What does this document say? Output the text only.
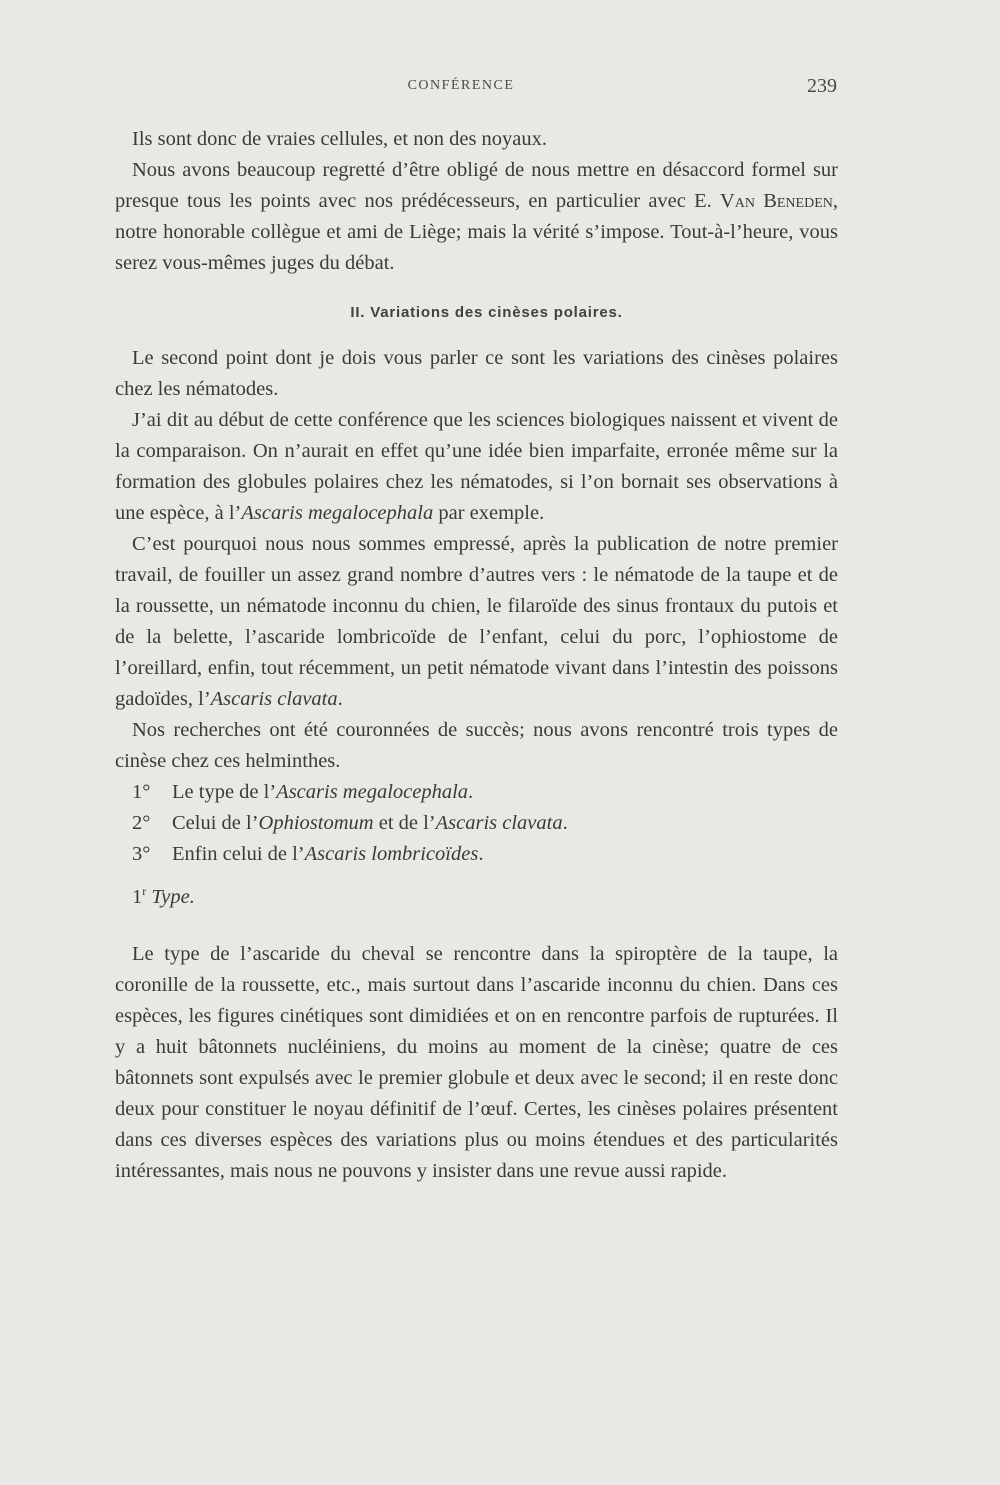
CONFÉRENCE	239

Ils sont donc de vraies cellules, et non des noyaux.

Nous avons beaucoup regretté d’être obligé de nous mettre en désaccord formel sur presque tous les points avec nos prédécesseurs, en particulier avec E. Van Beneden, notre honorable collègue et ami de Liège; mais la vérité s’impose. Tout-à-l’heure, vous serez vous-mêmes juges du débat.

II. Variations des cinèses polaires.

Le second point dont je dois vous parler ce sont les variations des cinèses polaires chez les nématodes.

J’ai dit au début de cette conférence que les sciences biologiques naissent et vivent de la comparaison. On n’aurait en effet qu’une idée bien imparfaite, erronée même sur la formation des globules polaires chez les nématodes, si l’on bornait ses observations à une espèce, à l’Ascaris megalocephala par exemple.

C’est pourquoi nous nous sommes empressé, après la publication de notre premier travail, de fouiller un assez grand nombre d’autres vers : le nématode de la taupe et de la roussette, un nématode inconnu du chien, le filaroïde des sinus frontaux du putois et de la belette, l’ascaride lombricoïde de l’enfant, celui du porc, l’ophiostome de l’oreillard, enfin, tout récemment, un petit nématode vivant dans l’intestin des poissons gadoïdes, l’Ascaris clavata.

Nos recherches ont été couronnées de succès; nous avons rencontré trois types de cinèse chez ces helminthes.

1° Le type de l’Ascaris megalocephala.
2° Celui de l’Ophiostomum et de l’Ascaris clavata.
3° Enfin celui de l’Ascaris lombricoïdes.
1$^r$ Type.

Le type de l’ascaride du cheval se rencontre dans la spiroptère de la taupe, la coronille de la roussette, etc., mais surtout dans l’ascaride inconnu du chien. Dans ces espèces, les figures cinétiques sont dimidiées et on en rencontre parfois de rupturées. Il y a huit bâtonnets nucléiniens, du moins au moment de la cinèse; quatre de ces bâtonnets sont expulsés avec le premier globule et deux avec le second; il en reste donc deux pour constituer le noyau définitif de l’œuf. Certes, les cinèses polaires présentent dans ces diverses espèces des variations plus ou moins étendues et des particularités intéressantes, mais nous ne pouvons y insister dans une revue aussi rapide.
